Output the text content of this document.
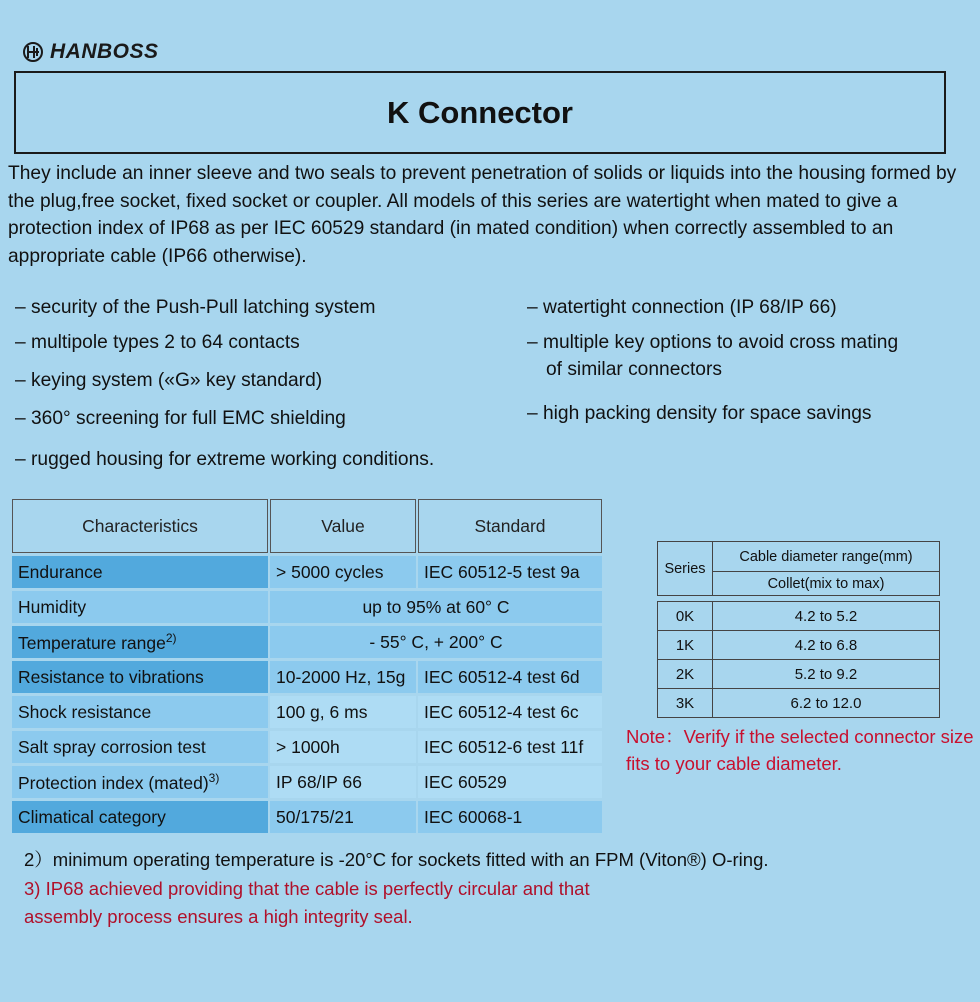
HANBOSS
K Connector
They include an inner sleeve and two seals to prevent penetration of solids or liquids into the housing formed by the plug,free socket, fixed socket or coupler. All models of this series are watertight when mated to give a protection index of IP68 as per IEC 60529 standard (in mated condition) when correctly assembled to an appropriate cable (IP66 otherwise).
– security of the Push-Pull latching system
– multipole types 2 to 64 contacts
– keying system («G» key standard)
– 360° screening for full EMC shielding
– rugged housing for extreme working conditions.
– watertight connection (IP 68/IP 66)
– multiple key options to avoid cross mating
of similar connectors
– high packing density for space savings
Characteristics	Value	Standard
Endurance	> 5000 cycles	IEC 60512-5 test 9a
Humidity	up to 95% at 60° C	
Temperature range$^{2)}$	- 55° C, + 200° C	
Resistance to vibrations	10-2000 Hz, 15g	IEC 60512-4 test 6d
Shock resistance	100 g, 6 ms	IEC 60512-4 test 6c
Salt spray corrosion test	> 1000h	IEC 60512-6 test 11f
Protection index (mated)$^{3)}$	IP 68/IP 66	IEC 60529
Climatical category	50/175/21	IEC 60068-1
Series	Cable diameter range(mm)
Collet(mix to max)
0K	4.2 to 5.2
1K	4.2 to 6.8
2K	5.2 to 9.2
3K	6.2 to 12.0
Note：Verify if the selected connector size fits to your cable diameter.
2）minimum operating temperature is -20°C for sockets fitted with an FPM (Viton®) O-ring.
3) IP68 achieved providing that the cable is perfectly circular and that assembly process ensures a high integrity seal.
